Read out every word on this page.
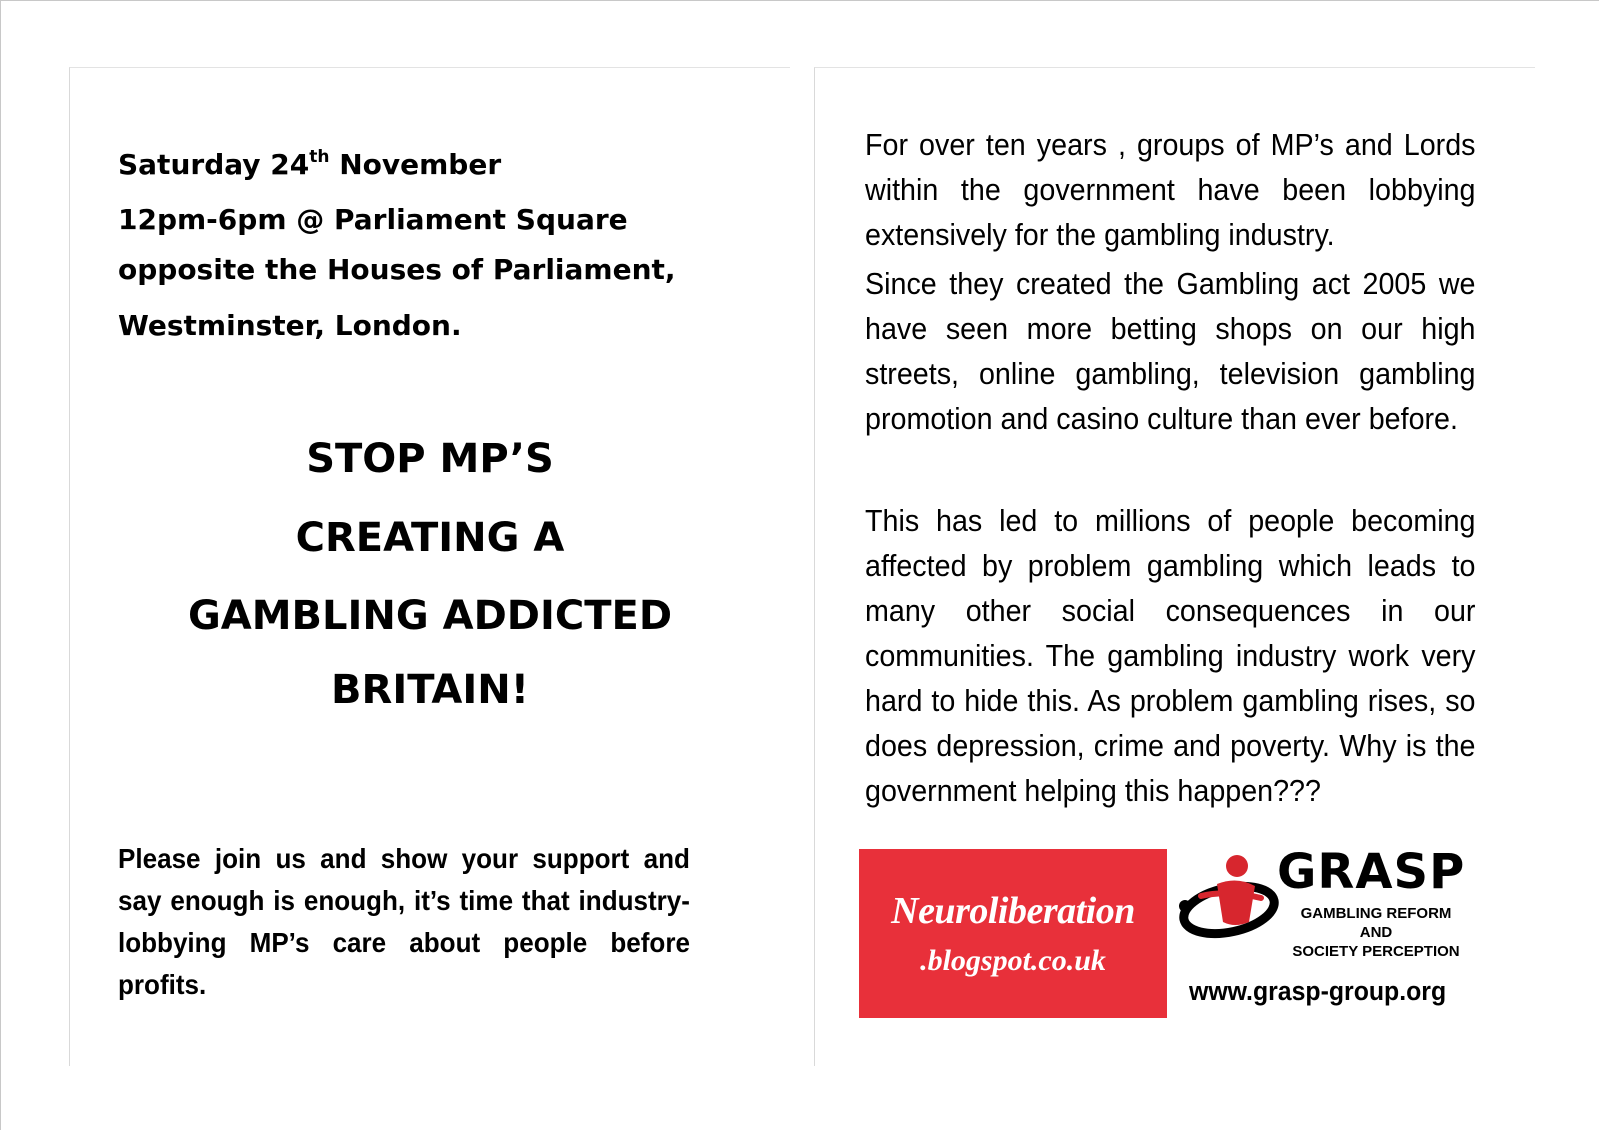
Saturday 24th November
12pm-6pm @ Parliament Square
opposite the Houses of Parliament,
Westminster, London.
STOP MP’S
CREATING A
GAMBLING ADDICTED
BRITAIN!
Please join us and show your support and say enough is enough, it’s time that industry-lobbying MP’s care about people before profits.
For over ten years , groups of MP’s and Lords within the government have been lobbying extensively for the gambling industry.
Since they created the Gambling act 2005 we have seen more betting shops on our high streets, online gambling, television gambling promotion and casino culture than ever before.
This has led to millions of people becoming affected by problem gambling which leads to many other social consequences in our communities. The gambling industry work very hard to hide this. As problem gambling rises, so does depression, crime and poverty. Why is the government helping this happen???
Neuroliberation
.blogspot.co.uk
GRASP
GAMBLING REFORM AND
SOCIETY PERCEPTION
www.grasp-group.org
